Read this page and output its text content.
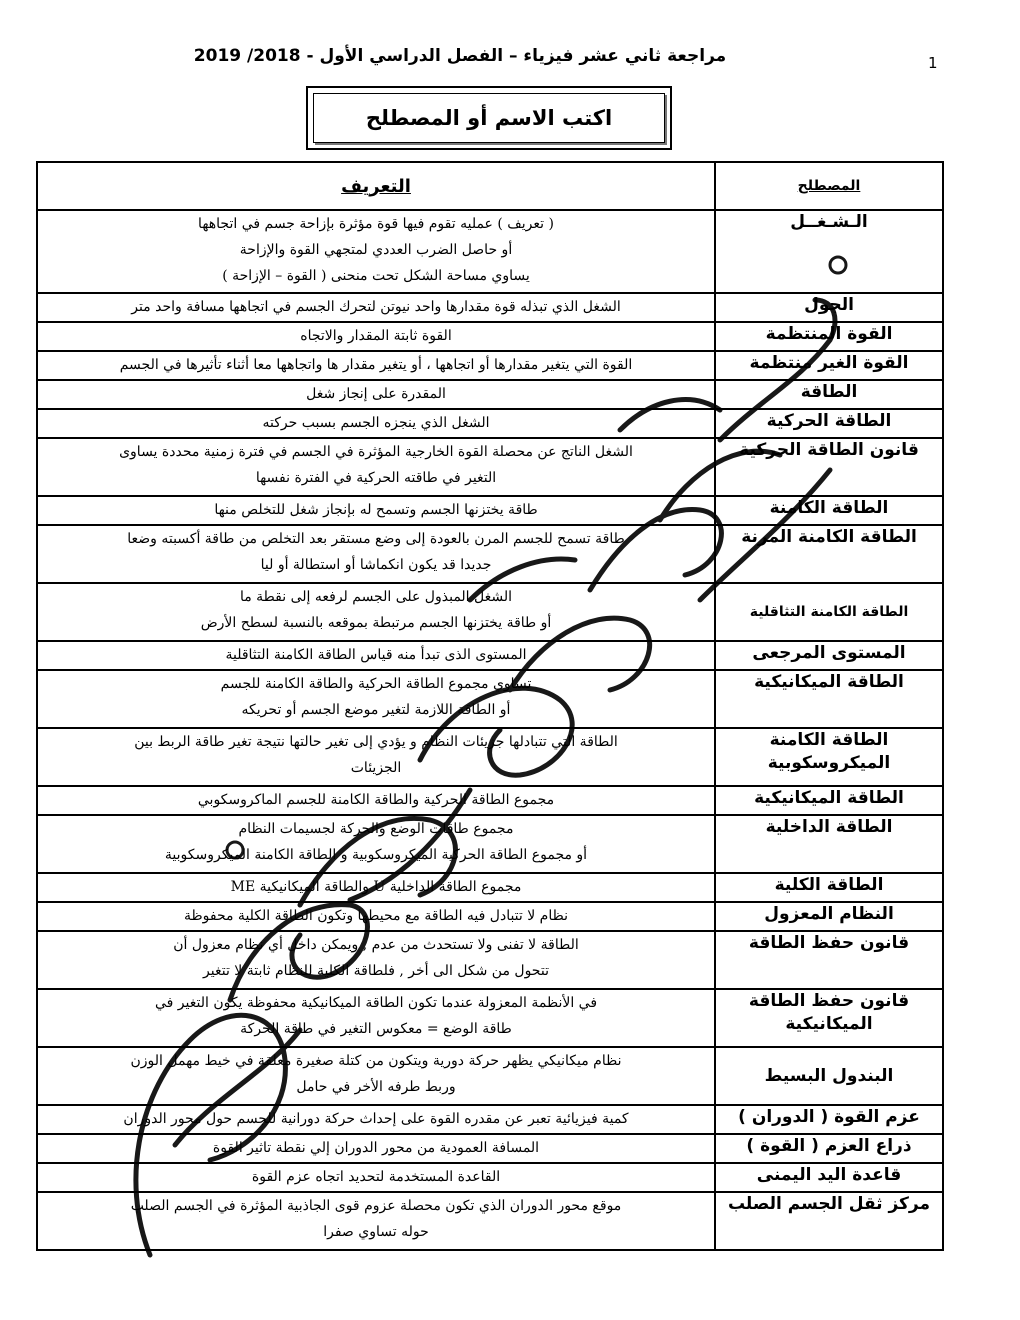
1
مراجعة ثاني عشر فيزياء – الفصل الدراسي الأول - 2018/ 2019
اكتب الاسم أو المصطلح
المصطلح	التعريف
الـشـغــل	( تعريف ) عمليه تقوم فيها قوة مؤثرة بإزاحة جسم في اتجاهها
أو حاصل الضرب العددي لمتجهي القوة والإزاحة
يساوي مساحة الشكل تحت منحنى ( القوة – الإزاحة )

الجول	الشغل الذي تبذله قوة مقدارها واحد نيوتن لتحرك الجسم في اتجاهها مسافة واحد متر

القوة المنتظمة	القوة ثابتة المقدار والاتجاه

القوة الغير منتظمة	القوة التي يتغير مقدارها أو اتجاهها ، أو يتغير مقدار ها واتجاهها معا أثناء تأثيرها في الجسم

الطاقة	المقدرة على إنجاز شغل

الطاقة الحركية	الشغل الذي ينجزه الجسم بسبب حركته

قانون الطاقة الحركية	الشغل الناتج عن محصلة القوة الخارجية المؤثرة في الجسم في فترة زمنية محددة يساوى
التغير في طاقته الحركية في الفترة نفسها

الطاقة الكامنة	طاقة يختزنها الجسم وتسمح له بإنجاز شغل للتخلص منها

الطاقة الكامنة المرنة	طاقة تسمح للجسم المرن بالعودة إلى وضع مستقر بعد التخلص من طاقة أكسبته وضعا
جديدا قد يكون انكماشا أو استطالة أو ليا

الطاقة الكامنة التثاقلية	الشغل المبذول على الجسم لرفعه إلى نقطة ما
أو طاقة يختزنها الجسم مرتبطة بموقعه بالنسبة لسطح الأرض

المستوى المرجعى	المستوى الذى تبدأ منه قياس الطاقة الكامنة التثاقلية

الطاقة الميكانيكية	تساوي مجموع الطاقة الحركية والطاقة الكامنة للجسم
أو الطاقة اللازمة لتغير موضع الجسم أو تحريكه

الطاقة الكامنة الميكروسكوبية	الطاقة التي تتبادلها جزيئات النظام و يؤدي إلى تغير حالتها نتيجة تغير طاقة الربط بين
الجزيئات

الطاقة الميكانيكية	مجموع الطاقة الحركية والطاقة الكامنة للجسم الماكروسكوبي

الطاقة الداخلية	مجموع طاقات الوضع والحركة لجسيمات النظام
أو مجموع الطاقة الحركية الميكروسكوبية و الطاقة الكامنة الميكروسكوبية

الطاقة الكلية	مجموع الطاقة الداخلية U والطاقة الميكانيكية ME

النظام المعزول	نظام لا تتبادل فيه الطاقة مع محيطها وتكون الطاقة الكلية محفوظة

قانون حفظ الطاقة	الطاقة لا تفنى ولا تستحدث من عدم , ويمكن داخل أي نظام معزول أن
تتحول من شكل الى أخر , فلطاقة الكلية للنظام ثابتة لا تتغير

قانون حفظ الطاقة الميكانيكية	في الأنظمة المعزولة عندما تكون الطاقة الميكانيكية محفوظة يكون التغير في
طاقة الوضع = معكوس التغير في طاقة الحركة

البندول البسيط	نظام ميكانيكي يظهر حركة دورية ويتكون من كتلة صغيرة معلقة في خيط مهمل الوزن
وربط طرفه الأخر في حامل

عزم القوة ( الدوران )	كمية فيزيائية تعبر عن مقدره القوة على إحداث حركة دورانية للجسم حول محور الدوران

ذراع العزم ( القوة )	المسافة العمودية من محور الدوران إلي نقطة تاثير القوة

قاعدة اليد اليمنى	القاعدة المستخدمة لتحديد اتجاه عزم القوة

مركز ثقل الجسم الصلب	موقع محور الدوران الذي تكون محصلة عزوم قوى الجاذبية المؤثرة في الجسم الصلب
حوله تساوي صفرا
